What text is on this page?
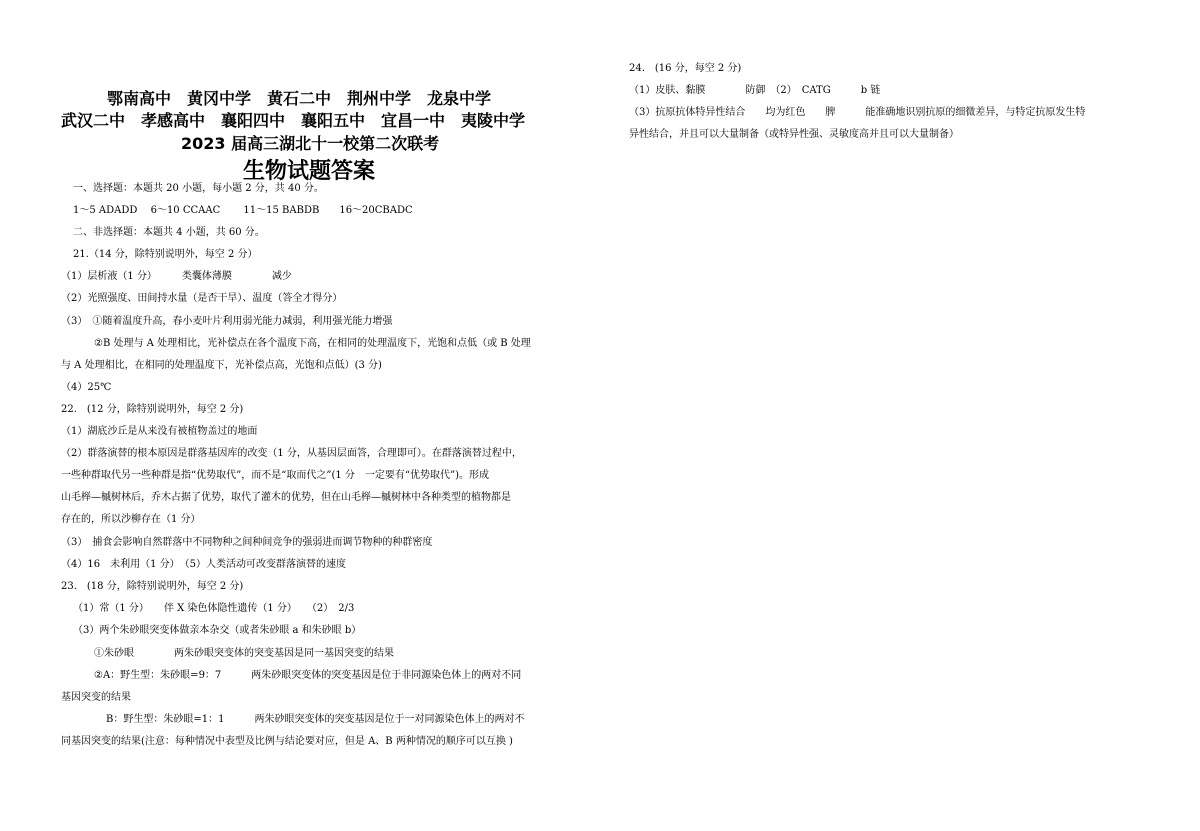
鄂南高中　黄冈中学　黄石二中　荆州中学　龙泉中学
武汉二中　孝感高中　襄阳四中　襄阳五中　宜昌一中　夷陵中学
2023 届高三湖北十一校第二次联考
生物试题答案
一、选择题：本题共 20 小题，每小题 2 分，共 40 分。
1～5 ADADD　 6～10 CCAAC　　 11～15 BABDB　　16～20CBADC
二、非选择题：本题共 4 小题，共 60 分。
21.（14 分，除特别说明外，每空 2 分）
（1）层析液（1 分）　　　类囊体薄膜　　　　减少
（2）光照强度、田间持水量（是否干旱）、温度（答全才得分）
（3）　①随着温度升高，春小麦叶片利用弱光能力减弱，利用强光能力增强
②B 处理与 A 处理相比，光补偿点在各个温度下高，在相同的处理温度下，光饱和点低（或 B 处理
与 A 处理相比，在相同的处理温度下，光补偿点高，光饱和点低）(3 分)
（4）25℃
22.　(12 分，除特别说明外，每空 2 分)
（1）湖底沙丘是从来没有被植物盖过的地面
（2）群落演替的根本原因是群落基因库的改变（1 分，从基因层面答，合理即可）。在群落演替过程中，
一些种群取代另一些种群是指“优势取代”，而不是“取而代之”(1 分　一定要有“优势取代”)。形成
山毛榉—槭树林后，乔木占据了优势，取代了灌木的优势，但在山毛榉—槭树林中各种类型的植物都是
存在的，所以沙柳存在（1 分）
（3）　捕食会影响自然群落中不同物种之间种间竞争的强弱进而调节物种的种群密度
（4）16　未利用（1 分）　（5）人类活动可改变群落演替的速度
23.　(18 分，除特别说明外，每空 2 分)
（1）常（1 分）　　伴 X 染色体隐性遗传（1 分）　　（2）　2/3
（3）两个朱砂眼突变体做亲本杂交（或者朱砂眼 a 和朱砂眼 b）
①朱砂眼　　　　两朱砂眼突变体的突变基因是同一基因突变的结果
②A：野生型：朱砂眼=9：7　　　两朱砂眼突变体的突变基因是位于非同源染色体上的两对不同
基因突变的结果
B：野生型：朱砂眼=1：1　　　两朱砂眼突变体的突变基因是位于一对同源染色体上的两对不
同基因突变的结果(注意：每种情况中表型及比例与结论要对应，但是 A、B 两种情况的顺序可以互换 )
24.　(16 分，每空 2 分)
（1）皮肤、黏膜　　　　防御　（2）　CATG　　　b 链
（3）抗原抗体特异性结合　　均为红色　　脾　　　能准确地识别抗原的细微差异，与特定抗原发生特
异性结合，并且可以大量制备（或特异性强、灵敏度高并且可以大量制备）
